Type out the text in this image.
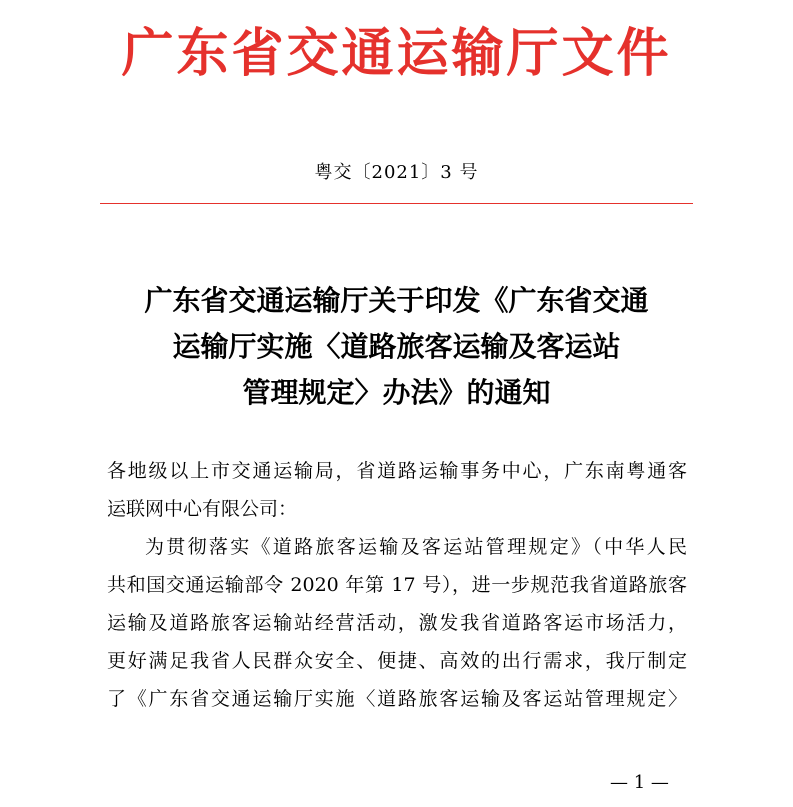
广东省交通运输厅文件
粤交〔2021〕3 号
广东省交通运输厅关于印发《广东省交通
运输厅实施〈道路旅客运输及客运站
管理规定〉办法》的通知
各地级以上市交通运输局，省道路运输事务中心，广东南粤通客
运联网中心有限公司：
为贯彻落实《道路旅客运输及客运站管理规定》（中华人民
共和国交通运输部令 2020 年第 17 号），进一步规范我省道路旅客
运输及道路旅客运输站经营活动，激发我省道路客运市场活力，
更好满足我省人民群众安全、便捷、高效的出行需求，我厅制定
了《广东省交通运输厅实施〈道路旅客运输及客运站管理规定〉
— 1 —
